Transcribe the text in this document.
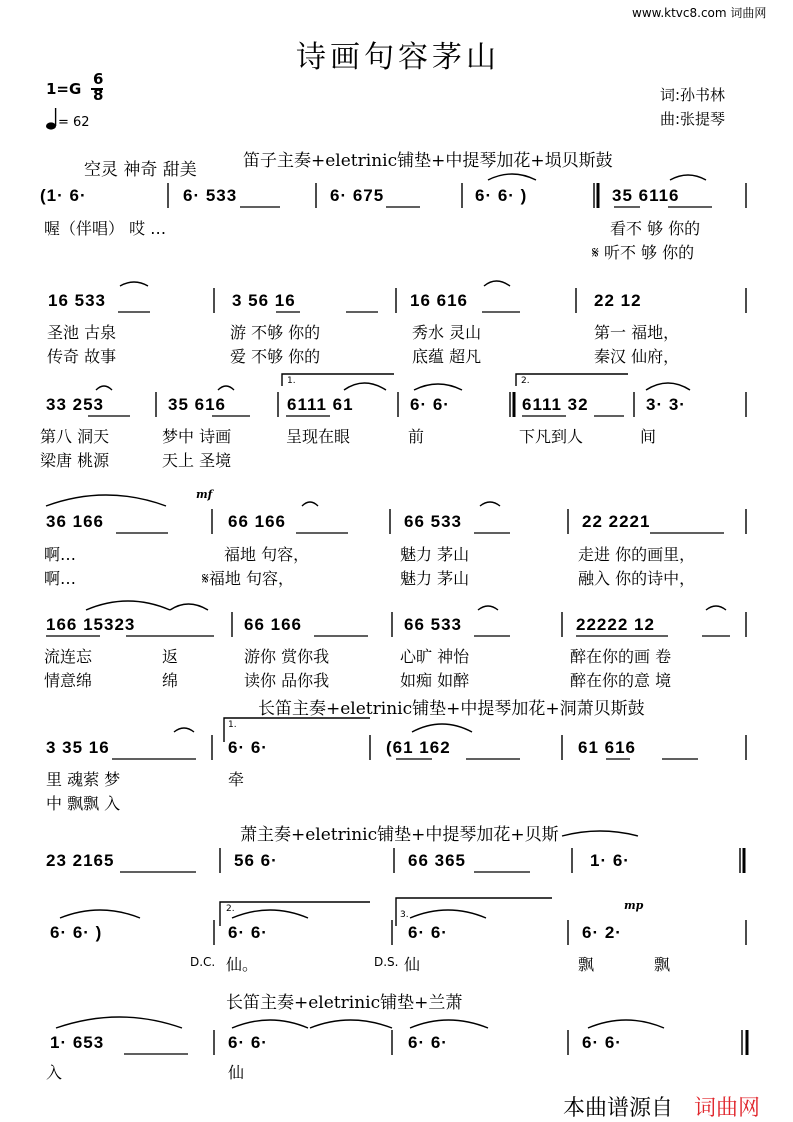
www.ktvc8.com 词曲网
诗画句容茅山
1=G
6
8
= 62
词:孙书林
曲:张提琴
空灵 神奇 甜美	笛子主奏+eletrinic铺垫+中提琴加花+埙贝斯鼓
(1· 6·	6· 533	6· 675	6· 6· )	35 6116
喔（伴唱） 哎 …	看不 够 你的
𝄋 听不 够 你的
16 533	3 56 16	16 616	22 12
圣池 古泉	游 不够 你的	秀水 灵山	第一 福地，
传奇 故事	爱 不够 你的	底蕴 超凡	秦汉 仙府，
1.	2.
33 253	35 616	6111 61	6· 6·	6111 32	3· 3·
第八 洞天	梦中 诗画	呈现在眼	前	下凡到人	间
梁唐 桃源	天上 圣境
mf
36 166	66 166	66 533	22 2221
啊…	福地 句容，	魅力 茅山	走进 你的画里，
啊…	𝄋福地 句容，	魅力 茅山	融入 你的诗中，
166 15323	66 166	66 533	22222 12
流连忘	返	游你 赏你我	心旷 神怡	醉在你的画 卷
情意绵	绵	读你 品你我	如痴 如醉	醉在你的意 境
长笛主奏+eletrinic铺垫+中提琴加花+洞萧贝斯鼓
1.
3 35 16	6· 6·	(61 162	61 616
里 魂萦 梦	牵
中 飘飘 入
萧主奏+eletrinic铺垫+中提琴加花+贝斯
23 2165	56 6·	66 365	1· 6·
mp
2.
3.
6· 6· )	6· 6·	6· 6·	6· 2·
D.C. 仙。	D.S. 仙	飘	飘
长笛主奏+eletrinic铺垫+兰萧
1· 653	6· 6·	6· 6·	6· 6·
入	仙
本曲谱源自 词曲网
